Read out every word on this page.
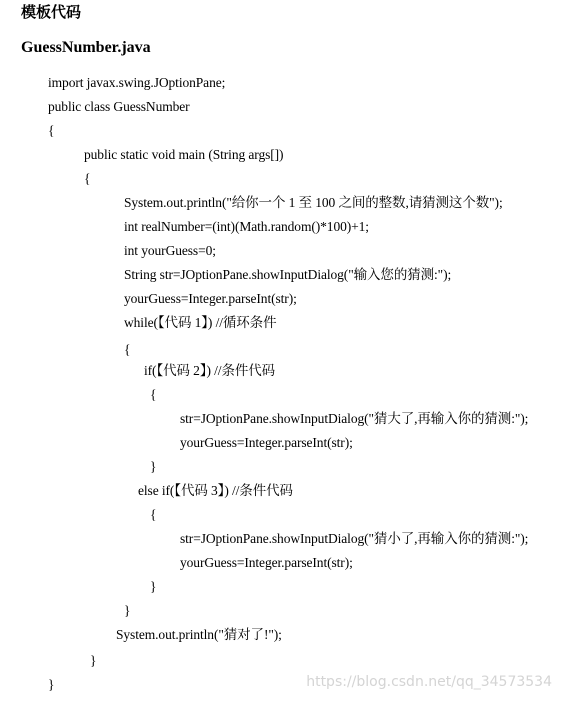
模板代码
GuessNumber.java
import javax.swing.JOptionPane;
public class GuessNumber
{
public static void main (String args[])
{
System.out.println("给你一个 1 至 100 之间的整数,请猜测这个数");
int realNumber=(int)(Math.random()*100)+1;
int yourGuess=0;
String str=JOptionPane.showInputDialog("输入您的猜测:");
yourGuess=Integer.parseInt(str);
while(【代码 1】) //循环条件
{
if(【代码 2】) //条件代码
{
str=JOptionPane.showInputDialog("猜大了,再输入你的猜测:");
yourGuess=Integer.parseInt(str);
}
else if(【代码 3】) //条件代码
{
str=JOptionPane.showInputDialog("猜小了,再输入你的猜测:");
yourGuess=Integer.parseInt(str);
}
}
System.out.println("猜对了!");
}
}	https://blog.csdn.net/qq_34573534
